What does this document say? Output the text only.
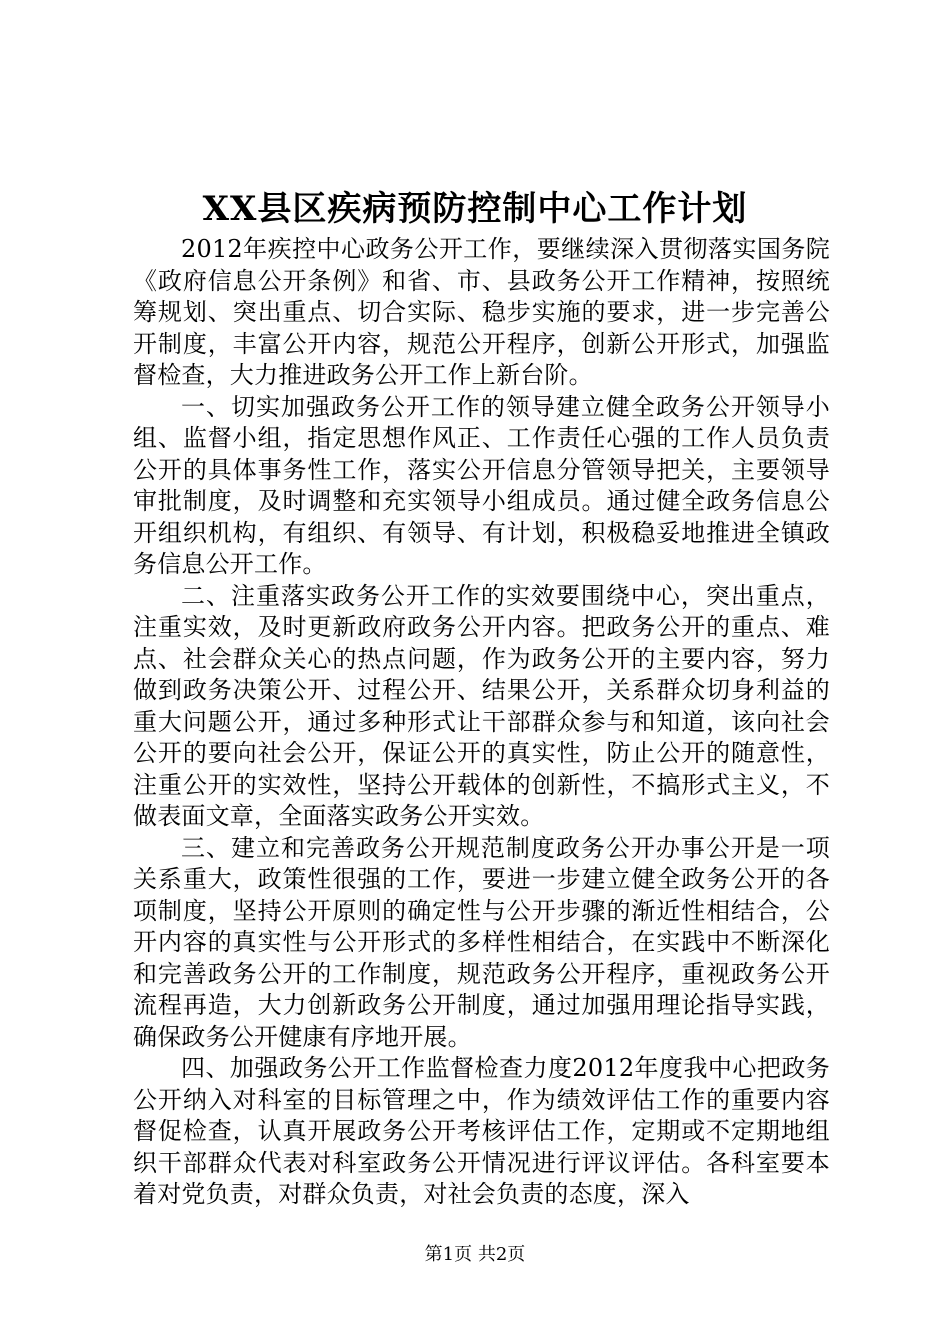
XX县区疾病预防控制中心工作计划

2012年疾控中心政务公开工作，要继续深入贯彻落实国务院《政府信息公开条例》和省、市、县政务公开工作精神，按照统筹规划、突出重点、切合实际、稳步实施的要求，进一步完善公开制度，丰富公开内容，规范公开程序，创新公开形式，加强监督检查，大力推进政务公开工作上新台阶。

一、切实加强政务公开工作的领导建立健全政务公开领导小组、监督小组，指定思想作风正、工作责任心强的工作人员负责公开的具体事务性工作，落实公开信息分管领导把关，主要领导审批制度，及时调整和充实领导小组成员。通过健全政务信息公开组织机构，有组织、有领导、有计划，积极稳妥地推进全镇政务信息公开工作。

二、注重落实政务公开工作的实效要围绕中心，突出重点，注重实效，及时更新政府政务公开内容。把政务公开的重点、难点、社会群众关心的热点问题，作为政务公开的主要内容，努力做到政务决策公开、过程公开、结果公开，关系群众切身利益的重大问题公开，通过多种形式让干部群众参与和知道，该向社会公开的要向社会公开，保证公开的真实性，防止公开的随意性，注重公开的实效性，坚持公开载体的创新性，不搞形式主义，不做表面文章，全面落实政务公开实效。

三、建立和完善政务公开规范制度政务公开办事公开是一项关系重大，政策性很强的工作，要进一步建立健全政务公开的各项制度，坚持公开原则的确定性与公开步骤的渐近性相结合，公开内容的真实性与公开形式的多样性相结合，在实践中不断深化和完善政务公开的工作制度，规范政务公开程序，重视政务公开流程再造，大力创新政务公开制度，通过加强用理论指导实践，确保政务公开健康有序地开展。

四、加强政务公开工作监督检查力度2012年度我中心把政务公开纳入对科室的目标管理之中，作为绩效评估工作的重要内容督促检查，认真开展政务公开考核评估工作，定期或不定期地组织干部群众代表对科室政务公开情况进行评议评估。各科室要本着对党负责，对群众负责，对社会负责的态度，深入

第1页 共2页
